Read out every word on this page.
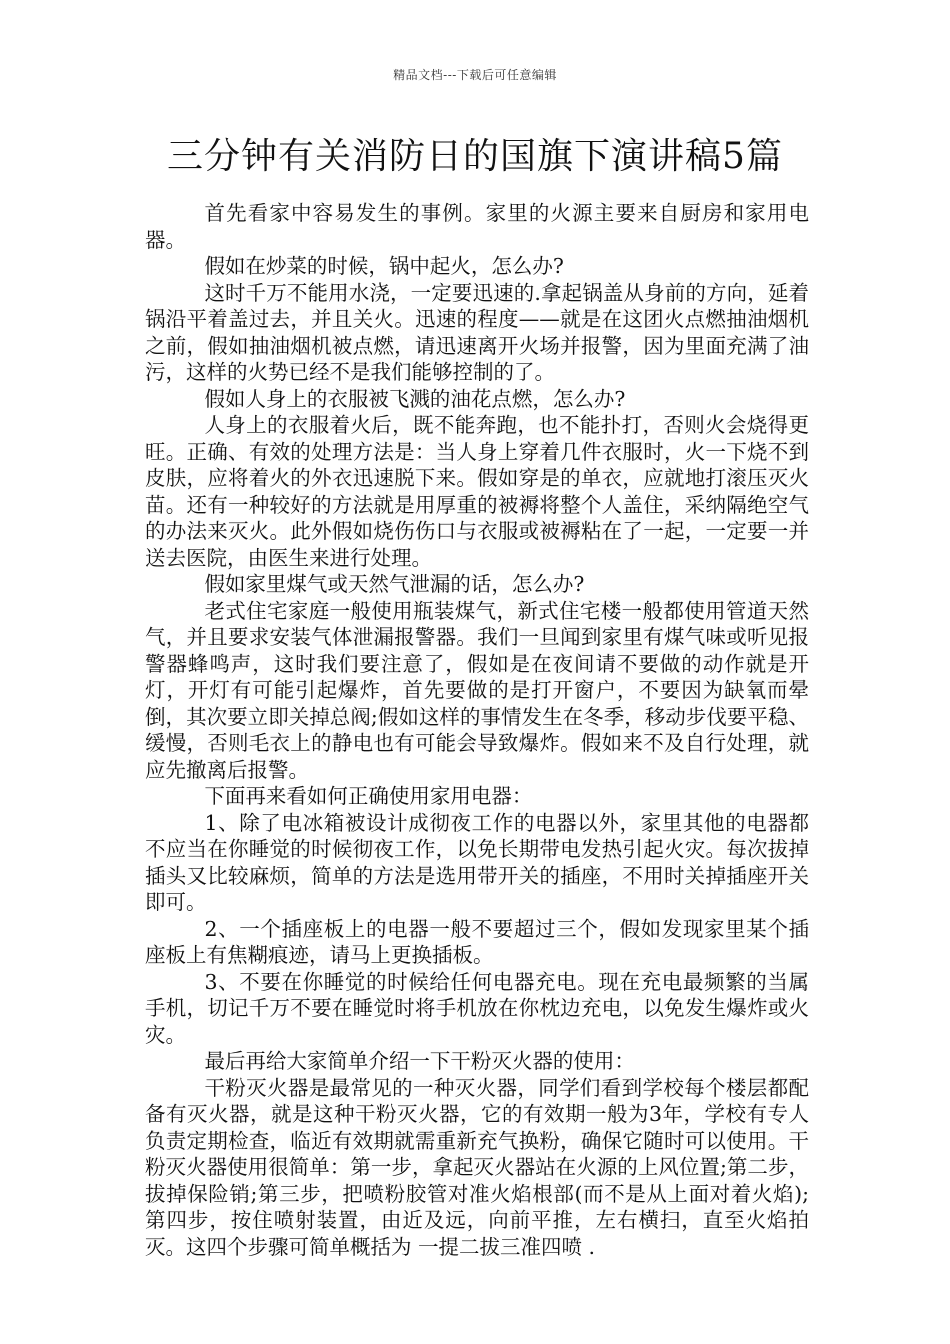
精品文档---下载后可任意编辑
三分钟有关消防日的国旗下演讲稿5篇

首先看家中容易发生的事例。家里的火源主要来自厨房和家用电器。

假如在炒菜的时候，锅中起火，怎么办?

这时千万不能用水浇，一定要迅速的.拿起锅盖从身前的方向，延着锅沿平着盖过去，并且关火。迅速的程度——就是在这团火点燃抽油烟机之前，假如抽油烟机被点燃，请迅速离开火场并报警，因为里面充满了油污，这样的火势已经不是我们能够控制的了。

假如人身上的衣服被飞溅的油花点燃，怎么办?

人身上的衣服着火后，既不能奔跑，也不能扑打，否则火会烧得更旺。正确、有效的处理方法是：当人身上穿着几件衣服时，火一下烧不到皮肤，应将着火的外衣迅速脱下来。假如穿是的单衣，应就地打滚压灭火苗。还有一种较好的方法就是用厚重的被褥将整个人盖住，采纳隔绝空气的办法来灭火。此外假如烧伤伤口与衣服或被褥粘在了一起，一定要一并送去医院，由医生来进行处理。

假如家里煤气或天然气泄漏的话，怎么办?

老式住宅家庭一般使用瓶装煤气，新式住宅楼一般都使用管道天然气，并且要求安装气体泄漏报警器。我们一旦闻到家里有煤气味或听见报警器蜂鸣声，这时我们要注意了，假如是在夜间请不要做的动作就是开灯，开灯有可能引起爆炸，首先要做的是打开窗户，不要因为缺氧而晕倒，其次要立即关掉总阀;假如这样的事情发生在冬季，移动步伐要平稳、缓慢，否则毛衣上的静电也有可能会导致爆炸。假如来不及自行处理，就应先撤离后报警。

下面再来看如何正确使用家用电器：

1、除了电冰箱被设计成彻夜工作的电器以外，家里其他的电器都不应当在你睡觉的时候彻夜工作，以免长期带电发热引起火灾。每次拔掉插头又比较麻烦，简单的方法是选用带开关的插座，不用时关掉插座开关即可。

2、一个插座板上的电器一般不要超过三个，假如发现家里某个插座板上有焦糊痕迹，请马上更换插板。

3、不要在你睡觉的时候给任何电器充电。现在充电最频繁的当属手机，切记千万不要在睡觉时将手机放在你枕边充电，以免发生爆炸或火灾。

最后再给大家简单介绍一下干粉灭火器的使用：

干粉灭火器是最常见的一种灭火器，同学们看到学校每个楼层都配备有灭火器，就是这种干粉灭火器，它的有效期一般为3年，学校有专人负责定期检查，临近有效期就需重新充气换粉，确保它随时可以使用。干粉灭火器使用很简单：第一步，拿起灭火器站在火源的上风位置;第二步，拔掉保险销;第三步，把喷粉胶管对准火焰根部(而不是从上面对着火焰);第四步，按住喷射装置，由近及远，向前平推，左右横扫，直至火焰拍灭。这四个步骤可简单概括为 一提二拔三准四喷 .
